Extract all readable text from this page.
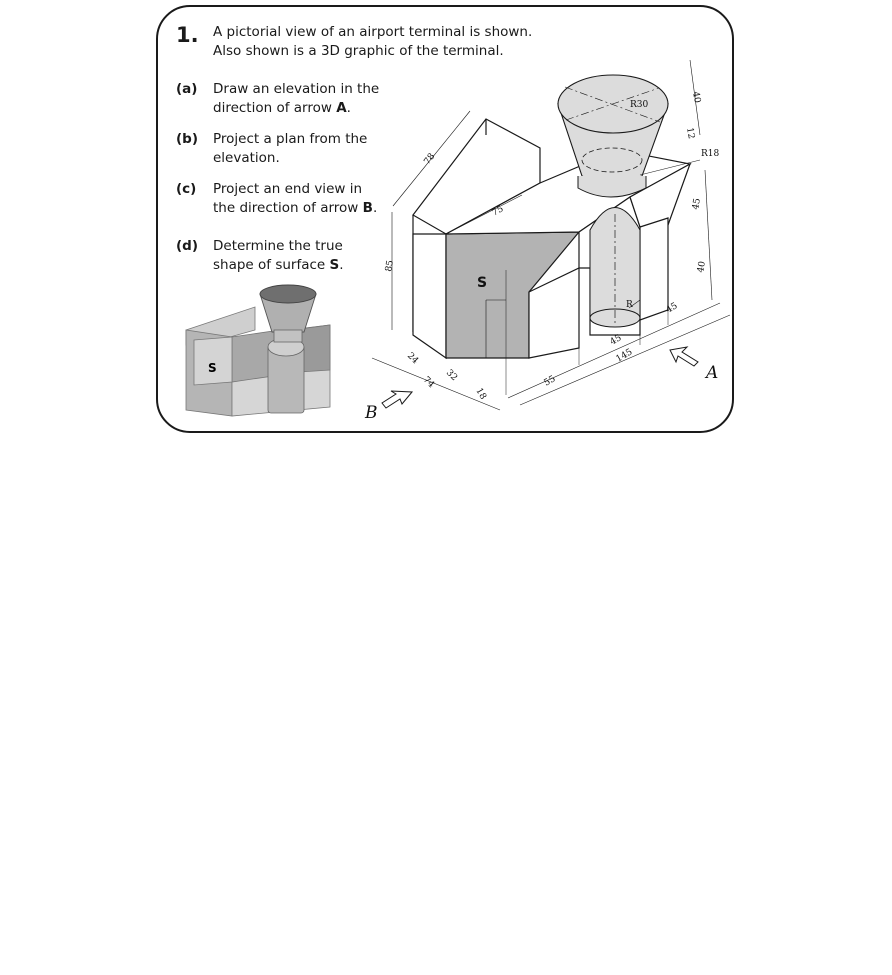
1. A pictorial view of an airport terminal is shown.
Also shown is a 3D graphic of the terminal.
(a) Draw an elevation in the direction of arrow A.
(b) Project a plan from the elevation.
(c) Project an end view in the direction of arrow B.
(d) Determine the true shape of surface S.
S
78
75
85
R30
R18
40
12
45
40
R	45
45
145
55
24
74 32
18
S
A
B
